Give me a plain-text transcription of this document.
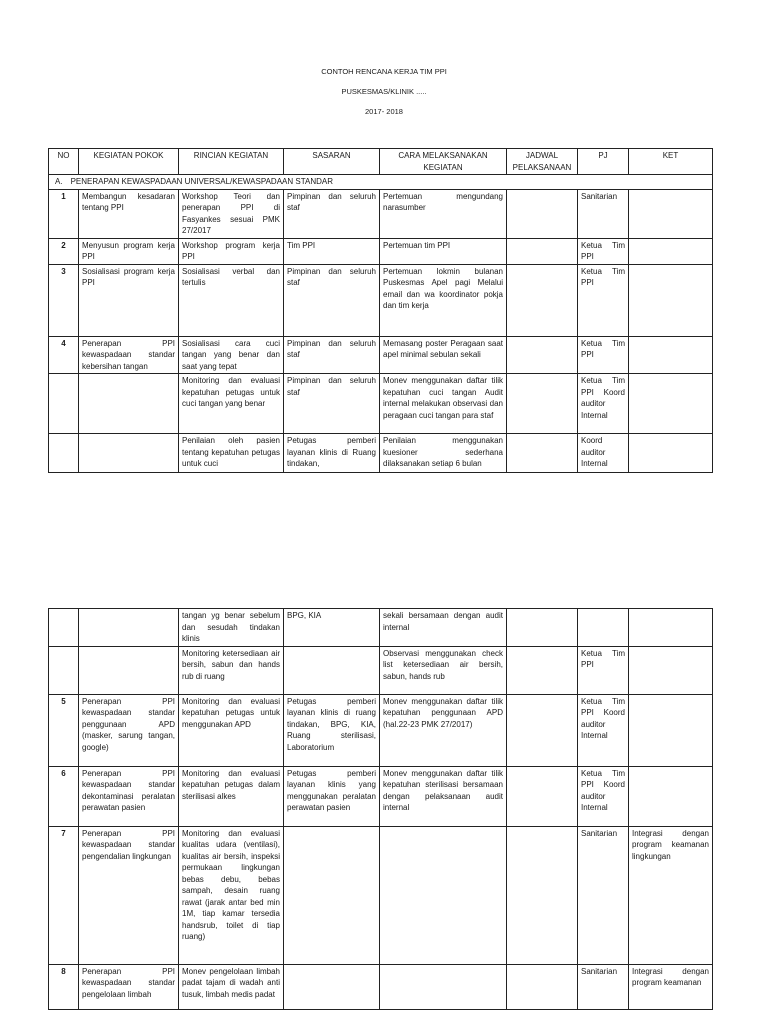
CONTOH RENCANA KERJA TIM PPI
PUSKESMAS/KLINIK .....
2017- 2018
NO	KEGIATAN POKOK	RINCIAN KEGIATAN	SASARAN	CARA MELAKSANAKAN KEGIATAN	JADWAL PELAKSANAAN	PJ	KET
A. PENERAPAN KEWASPADAAN UNIVERSAL/KEWASPADAAN STANDAR							
1	Membangun kesadaran tentang PPI	Workshop Teori dan penerapan PPI di Fasyankes sesuai PMK 27/2017	Pimpinan dan seluruh staf	Pertemuan mengundang narasumber		Sanitarian	
2	Menyusun program kerja PPI	Workshop program kerja PPI	Tim PPI	Pertemuan tim PPI		Ketua Tim PPI	
3	Sosialisasi program kerja PPI	Sosialisasi verbal dan tertulis	Pimpinan dan seluruh staf	Pertemuan lokmin bulanan Puskesmas Apel pagi Melalui email dan wa koordinator pokja dan tim kerja		Ketua Tim PPI	
4	Penerapan PPI kewaspadaan standar kebersihan tangan	Sosialisasi cara cuci tangan yang benar dan saat yang tepat	Pimpinan dan seluruh staf	Memasang poster Peragaan saat apel minimal sebulan sekali		Ketua Tim PPI	
		Monitoring dan evaluasi kepatuhan petugas untuk cuci tangan yang benar	Pimpinan dan seluruh staf	Monev menggunakan daftar tilik kepatuhan cuci tangan Audit internal melakukan observasi dan peragaan cuci tangan para staf		Ketua Tim PPI Koord auditor Internal	
		Penilaian oleh pasien tentang kepatuhan petugas untuk cuci	Petugas pemberi layanan klinis di Ruang tindakan,	Penilaian menggunakan kuesioner sederhana dilaksanakan setiap 6 bulan		Koord auditor Internal	
		tangan yg benar sebelum dan sesudah tindakan klinis	BPG, KIA	sekali bersamaan dengan audit internal			
		Monitoring ketersediaan air bersih, sabun dan hands rub di ruang		Observasi menggunakan check list ketersediaan air bersih, sabun, hands rub		Ketua Tim PPI	
5	Penerapan PPI kewaspadaan standar penggunaan APD (masker, sarung tangan, google)	Monitoring dan evaluasi kepatuhan petugas untuk menggunakan APD	Petugas pemberi layanan klinis di ruang tindakan, BPG, KIA, Ruang sterilisasi, Laboratorium	Monev menggunakan daftar tilik kepatuhan penggunaan APD (hal.22-23 PMK 27/2017)		Ketua Tim PPI Koord auditor Internal	
6	Penerapan PPI kewaspadaan standar dekontaminasi peralatan perawatan pasien	Monitoring dan evaluasi kepatuhan petugas dalam sterilisasi alkes	Petugas pemberi layanan klinis yang menggunakan peralatan perawatan pasien	Monev menggunakan daftar tilik kepatuhan sterilisasi bersamaan dengan pelaksanaan audit internal		Ketua Tim PPI Koord auditor Internal	
7	Penerapan PPI kewaspadaan standar pengendalian lingkungan	Monitoring dan evaluasi kualitas udara (ventilasi), kualitas air bersih, inspeksi permukaan lingkungan bebas debu, bebas sampah, desain ruang rawat (jarak antar bed min 1M, tiap kamar tersedia handsrub, toilet di tiap ruang)				Sanitarian	Integrasi dengan program keamanan lingkungan
8	Penerapan PPI kewaspadaan standar pengelolaan limbah	Monev pengelolaan limbah padat tajam di wadah anti tusuk, limbah medis padat				Sanitarian	Integrasi dengan program keamanan
